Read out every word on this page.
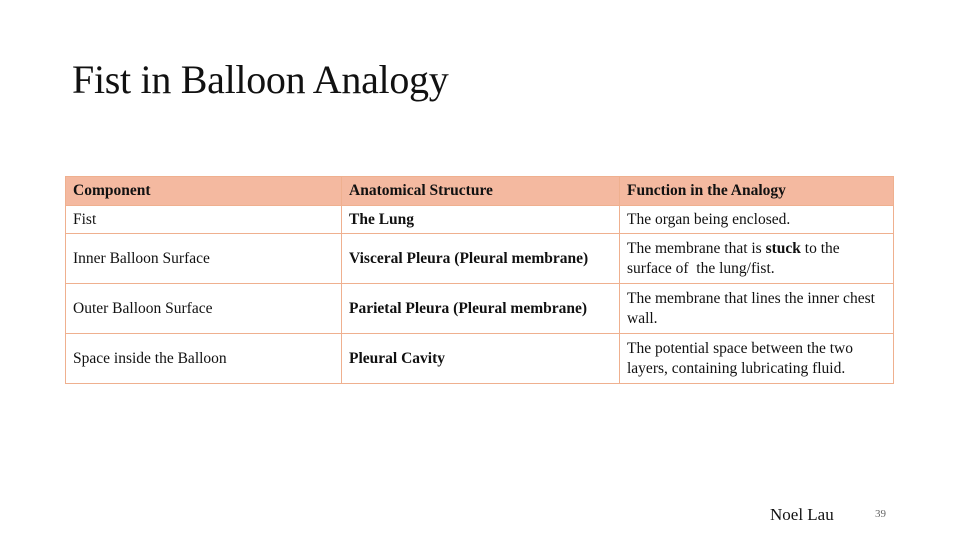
Fist in Balloon Analogy
Component	Anatomical Structure	Function in the Analogy
Fist	The Lung	The organ being enclosed.
Inner Balloon Surface	Visceral Pleura (Pleural membrane)	The membrane that is stuck to the surface of  the lung/fist.
Outer Balloon Surface	Parietal Pleura (Pleural membrane)	The membrane that lines the inner chest wall.
Space inside the Balloon	Pleural Cavity	The potential space between the two layers, containing lubricating fluid.
Noel Lau	39
